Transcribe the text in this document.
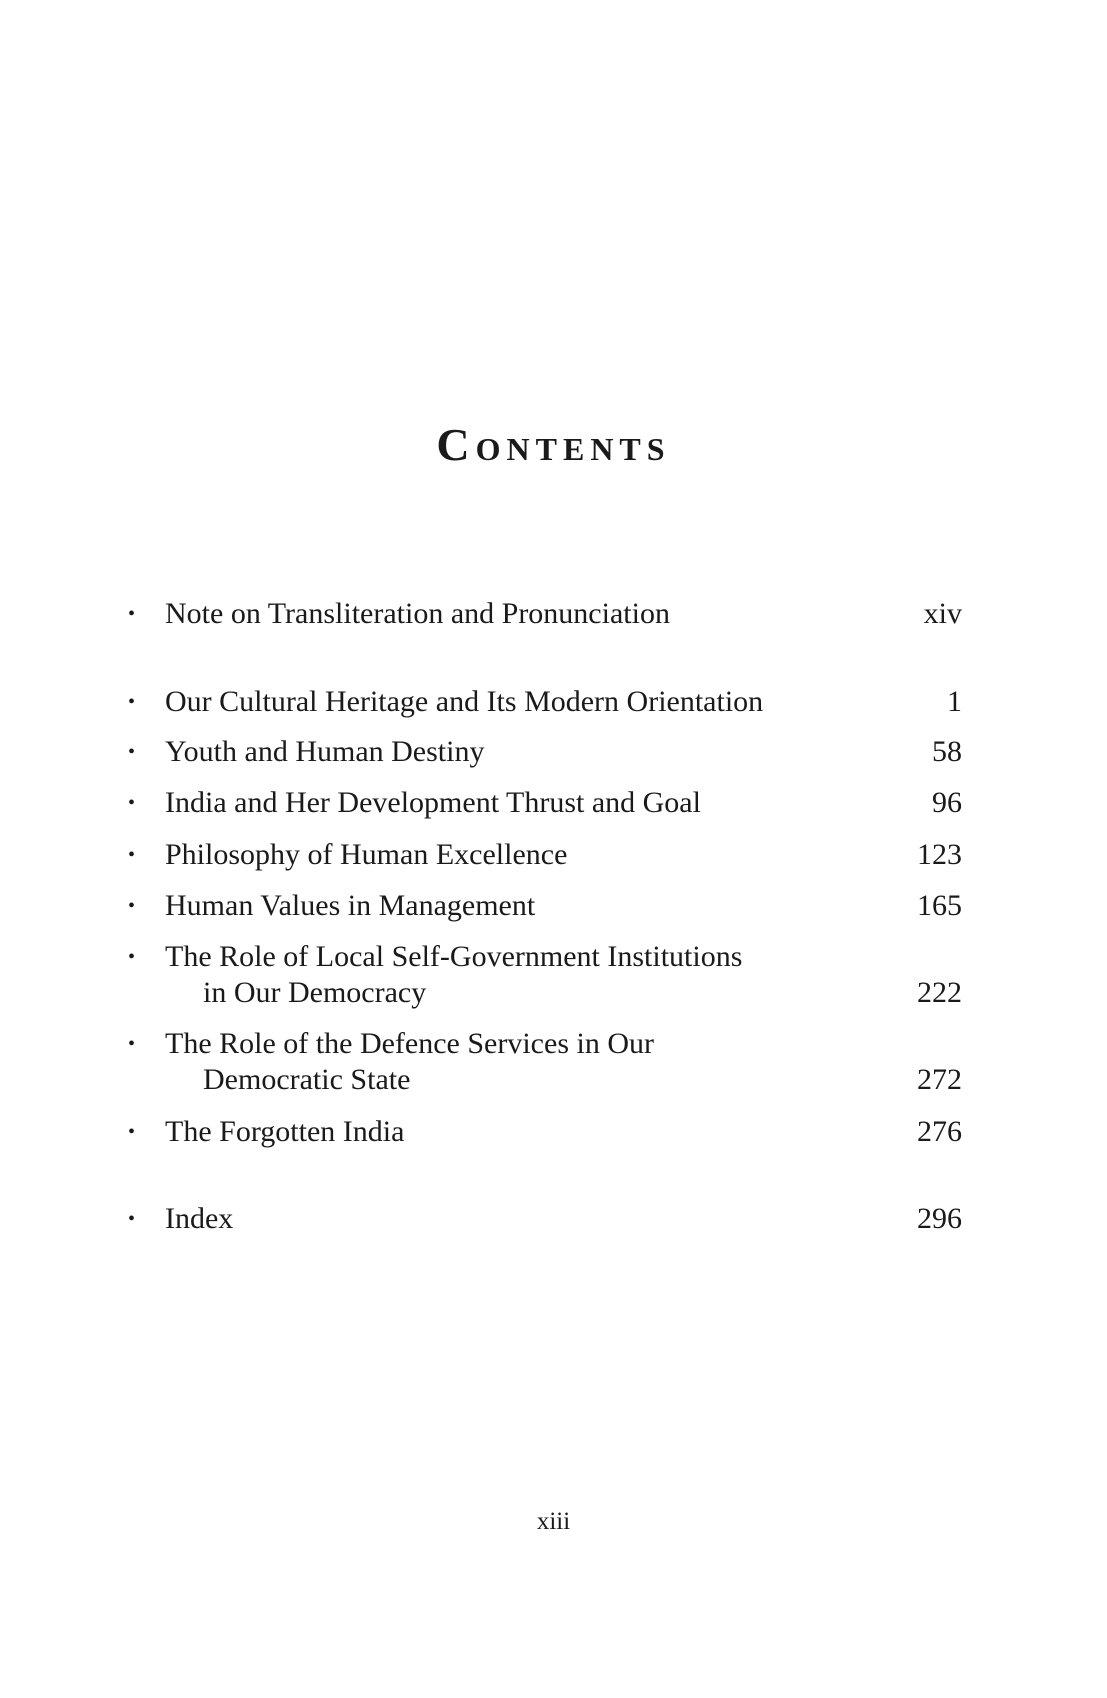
Contents
• Note on Transliteration and Pronunciation	xiv
• Our Cultural Heritage and Its Modern Orientation	1
• Youth and Human Destiny	58
• India and Her Development Thrust and Goal	96
• Philosophy of Human Excellence	123
• Human Values in Management	165
• The Role of Local Self-Government Institutions
in Our Democracy	222
• The Role of the Defence Services in Our
Democratic State	272
• The Forgotten India	276
• Index	296
xiii
